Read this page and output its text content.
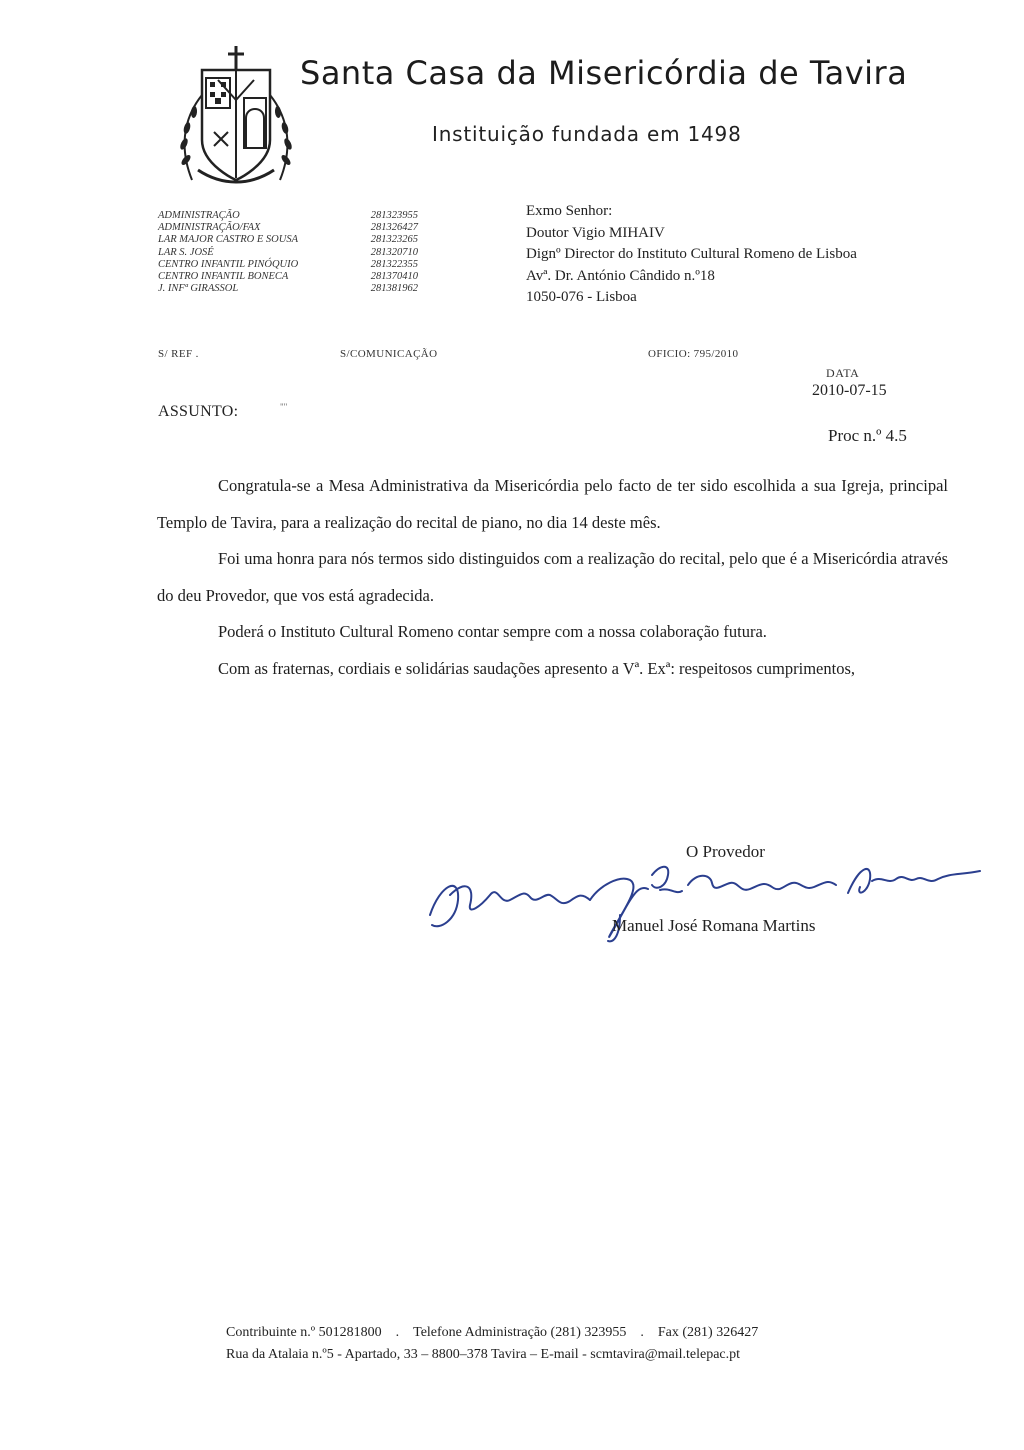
Santa Casa da Misericórdia de Tavira
Instituição fundada em 1498
ADMINISTRAÇÃO	281323955
ADMINISTRAÇÃO/FAX	281326427
LAR MAJOR CASTRO E SOUSA	281323265
LAR S. JOSÉ	281320710
CENTRO INFANTIL PINÓQUIO	281322355
CENTRO INFANTIL BONECA	281370410
J. INFª GIRASSOL	281381962
Exmo Senhor:
Doutor Vigio MIHAIV
Dignº Director do Instituto Cultural Romeno de Lisboa
Avª. Dr. António Cândido n.º18
1050-076 - Lisboa
S/ REF .	S/COMUNICAÇÃO	OFICIO: 795/2010
DATA
2010-07-15
ASSUNTO:	""
Proc n.º 4.5

Congratula-se a Mesa Administrativa da Misericórdia pelo facto de ter sido escolhida a sua Igreja, principal Templo de Tavira, para a realização do recital de piano, no dia 14 deste mês.

Foi uma honra para nós termos sido distinguidos com a realização do recital, pelo que é a Misericórdia através do deu Provedor, que vos está agradecida.

Poderá o Instituto Cultural Romeno contar sempre com a nossa colaboração futura.

Com as fraternas, cordiais e solidárias saudações apresento a Vª. Exª: respeitosos cumprimentos,

O Provedor
Manuel José Romana Martins
Contribuinte n.º 501281800 . Telefone Administração (281) 323955 . Fax (281) 326427
Rua da Atalaia n.º5 - Apartado, 33 – 8800–378 Tavira – E-mail - scmtavira@mail.telepac.pt
